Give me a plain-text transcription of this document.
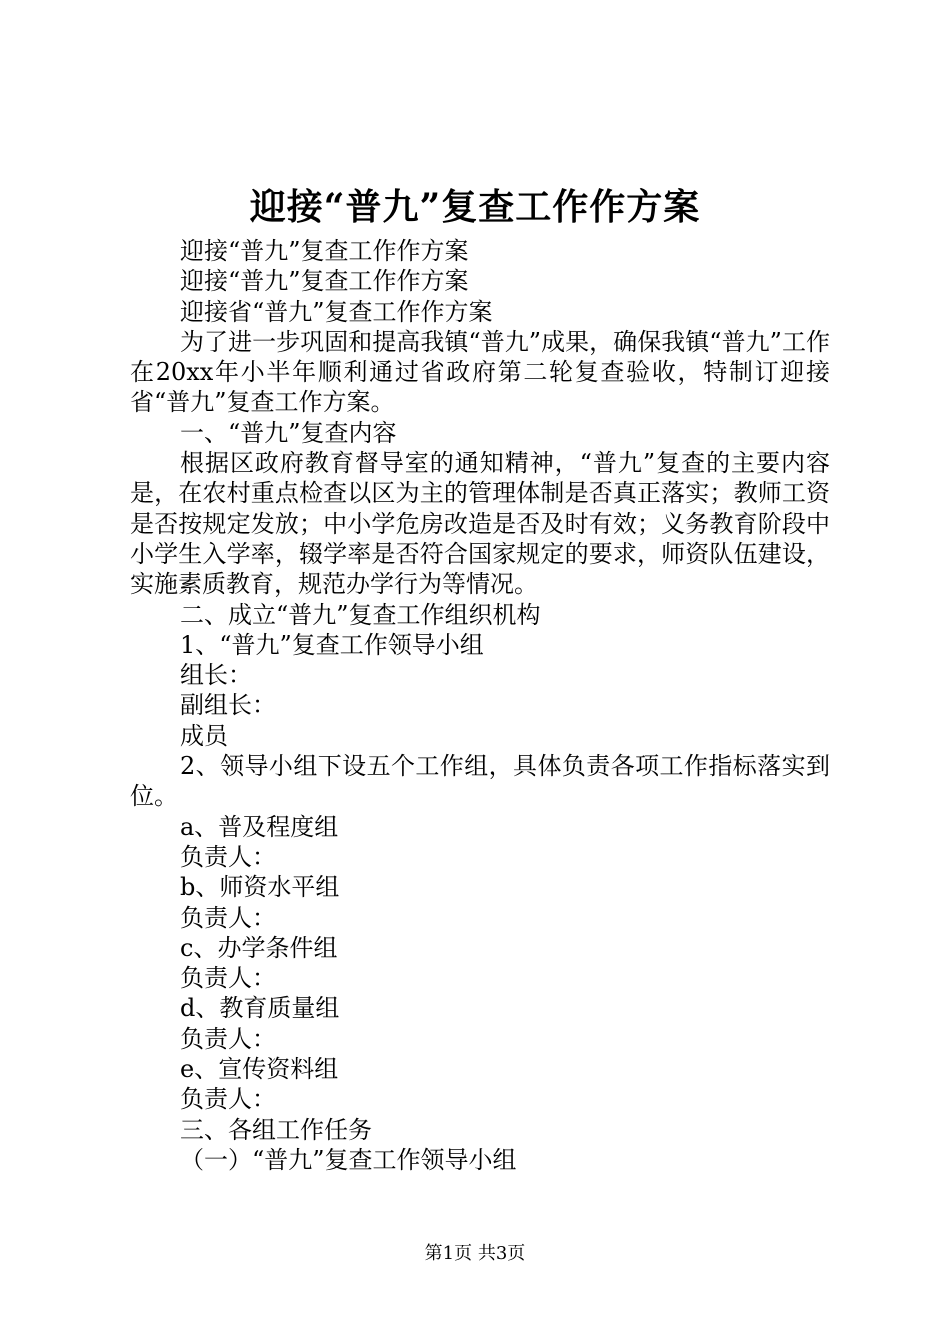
迎接“普九”复查工作作方案

迎接“普九”复查工作作方案

迎接“普九”复查工作作方案

迎接省“普九”复查工作作方案

为了进一步巩固和提高我镇“普九”成果，确保我镇“普九”工作在20xx年小半年顺利通过省政府第二轮复查验收，特制订迎接省“普九”复查工作方案。

一、“普九”复查内容

根据区政府教育督导室的通知精神，“普九”复查的主要内容是，在农村重点检查以区为主的管理体制是否真正落实；教师工资是否按规定发放；中小学危房改造是否及时有效；义务教育阶段中小学生入学率，辍学率是否符合国家规定的要求，师资队伍建设，实施素质教育，规范办学行为等情况。

二、成立“普九”复查工作组织机构

1、“普九”复查工作领导小组

组长：

副组长：

成员

2、领导小组下设五个工作组，具体负责各项工作指标落实到位。

a、普及程度组

负责人：

b、师资水平组

负责人：

c、办学条件组

负责人：

d、教育质量组

负责人：

e、宣传资料组

负责人：

三、各组工作任务

（一）“普九”复查工作领导小组

第1页 共3页
